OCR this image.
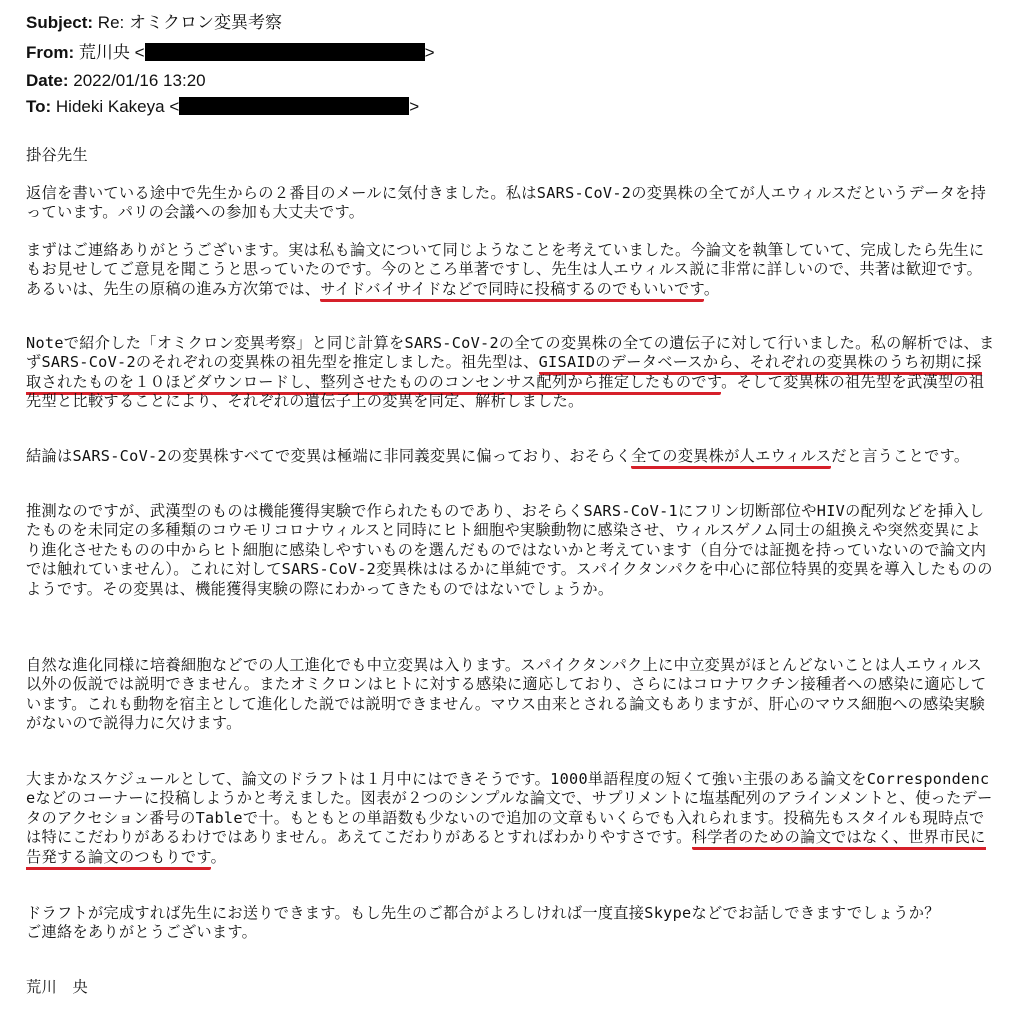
Subject: Re: オミクロン変異考察
From: 荒川央 <	>
Date: 2022/01/16 13:20
To: Hideki Kakeya <	>
掛谷先生
返信を書いている途中で先生からの２番目のメールに気付きました。私はSARS-CoV-2の変異株の全てが人エウィルスだというデータを持っています。パリの会議への参加も大丈夫です。
まずはご連絡ありがとうございます。実は私も論文について同じようなことを考えていました。今論文を執筆していて、完成したら先生にもお見せしてご意見を聞こうと思っていたのです。今のところ単著ですし、先生は人エウィルス説に非常に詳しいので、共著は歓迎です。あるいは、先生の原稿の進み方次第では、サイドバイサイドなどで同時に投稿するのでもいいです。
Noteで紹介した「オミクロン変異考察」と同じ計算をSARS-CoV-2の全ての変異株の全ての遺伝子に対して行いました。私の解析では、まずSARS-CoV-2のそれぞれの変異株の祖先型を推定しました。祖先型は、GISAIDのデータベースから、それぞれの変異株のうち初期に採取されたものを１０ほどダウンロードし、整列させたもののコンセンサス配列から推定したものです。そして変異株の祖先型を武漢型の祖先型と比較することにより、それぞれの遺伝子上の変異を同定、解析しました。
結論はSARS-CoV-2の変異株すべてで変異は極端に非同義変異に偏っており、おそらく全ての変異株が人エウィルスだと言うことです。
推測なのですが、武漢型のものは機能獲得実験で作られたものであり、おそらくSARS-CoV-1にフリン切断部位やHIVの配列などを挿入したものを未同定の多種類のコウモリコロナウィルスと同時にヒト細胞や実験動物に感染させ、ウィルスゲノム同士の組換えや突然変異により進化させたものの中からヒト細胞に感染しやすいものを選んだものではないかと考えています（自分では証拠を持っていないので論文内では触れていません）。これに対してSARS-CoV-2変異株ははるかに単純です。スパイクタンパクを中心に部位特異的変異を導入したもののようです。その変異は、機能獲得実験の際にわかってきたものではないでしょうか。
自然な進化同様に培養細胞などでの人工進化でも中立変異は入ります。スパイクタンパク上に中立変異がほとんどないことは人エウィルス以外の仮説では説明できません。またオミクロンはヒトに対する感染に適応しており、さらにはコロナワクチン接種者への感染に適応しています。これも動物を宿主として進化した説では説明できません。マウス由来とされる論文もありますが、肝心のマウス細胞への感染実験がないので説得力に欠けます。
大まかなスケジュールとして、論文のドラフトは１月中にはできそうです。1000単語程度の短くて強い主張のある論文をCorrespondenceなどのコーナーに投稿しようかと考えました。図表が２つのシンプルな論文で、サプリメントに塩基配列のアラインメントと、使ったデータのアクセション番号のTableで十。もともとの単語数も少ないので追加の文章もいくらでも入れられます。投稿先もスタイルも現時点では特にこだわりがあるわけではありません。あえてこだわりがあるとすればわかりやすさです。科学者のための論文ではなく、世界市民に告発する論文のつもりです。
ドラフトが完成すれば先生にお送りできます。もし先生のご都合がよろしければ一度直接Skypeなどでお話しできますでしょうか？
ご連絡をありがとうございます。
荒川　央
